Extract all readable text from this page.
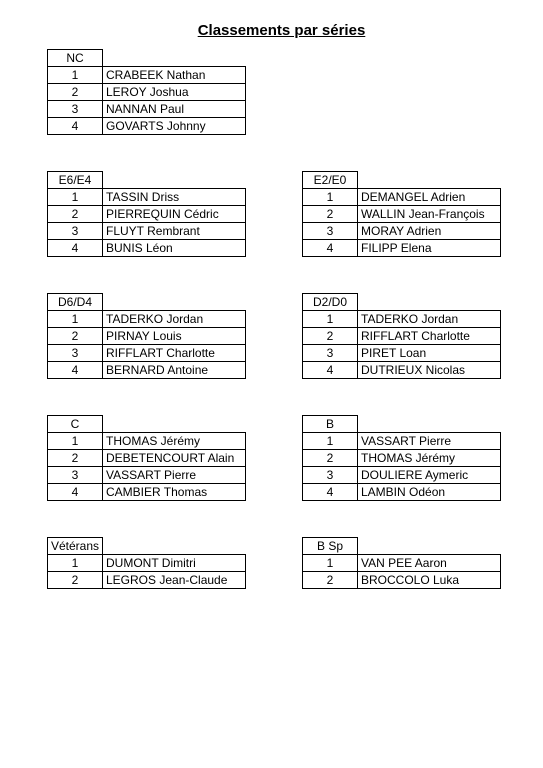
Classements par séries
NC	
1	CRABEEK Nathan
2	LEROY Joshua
3	NANNAN Paul
4	GOVARTS Johnny
E6/E4	
1	TASSIN Driss
2	PIERREQUIN Cédric
3	FLUYT Rembrant
4	BUNIS Léon
E2/E0	
1	DEMANGEL Adrien
2	WALLIN Jean-François
3	MORAY Adrien
4	FILIPP Elena
D6/D4	
1	TADERKO Jordan
2	PIRNAY Louis
3	RIFFLART Charlotte
4	BERNARD Antoine
D2/D0	
1	TADERKO Jordan
2	RIFFLART Charlotte
3	PIRET Loan
4	DUTRIEUX Nicolas
C	
1	THOMAS Jérémy
2	DEBETENCOURT Alain
3	VASSART Pierre
4	CAMBIER Thomas
B	
1	VASSART Pierre
2	THOMAS Jérémy
3	DOULIERE Aymeric
4	LAMBIN Odéon
Vétérans	
1	DUMONT Dimitri
2	LEGROS Jean-Claude
B Sp	
1	VAN PEE Aaron
2	BROCCOLO Luka
